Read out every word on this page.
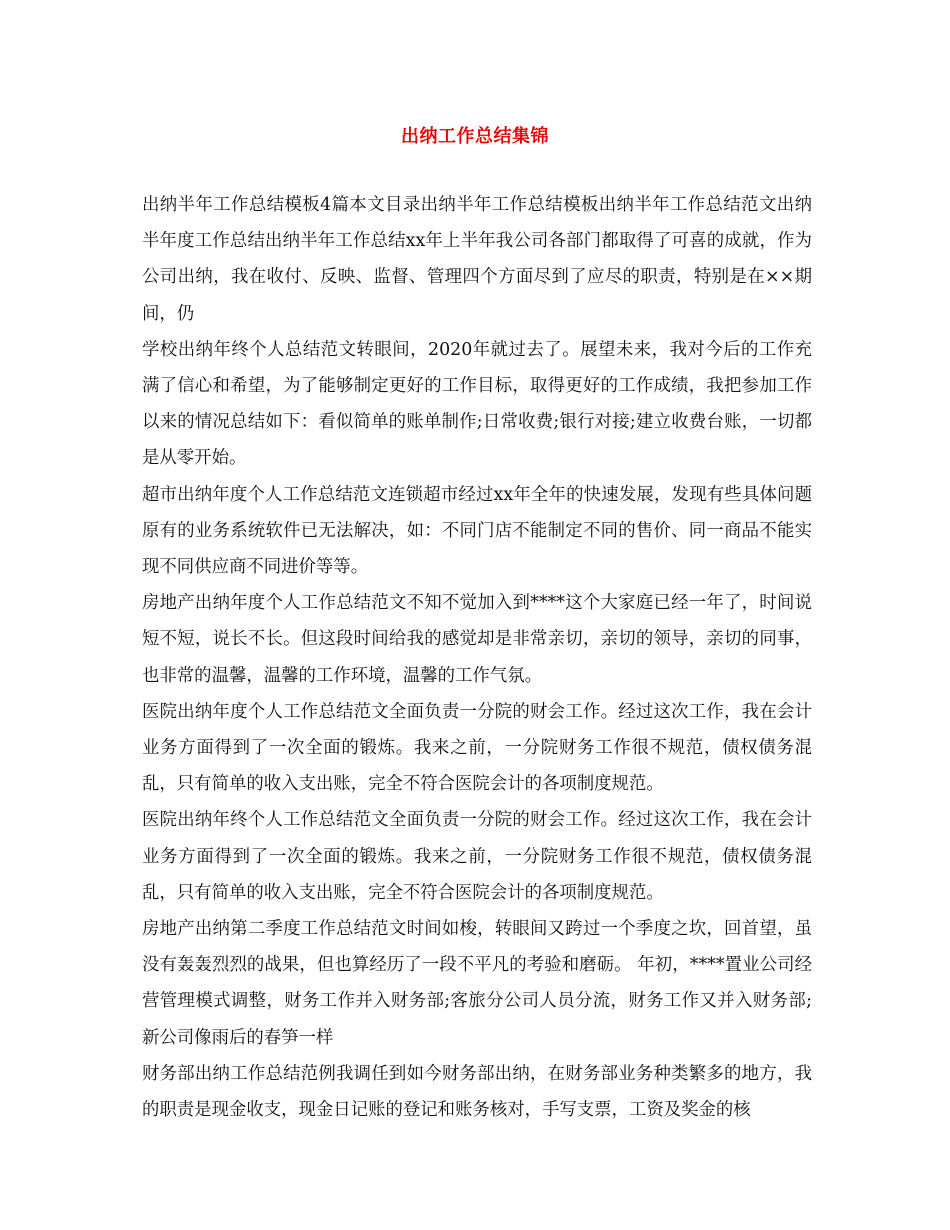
出纳工作总结集锦

出纳半年工作总结模板4篇本文目录出纳半年工作总结模板出纳半年工作总结范文出纳半年度工作总结出纳半年工作总结xx年上半年我公司各部门都取得了可喜的成就，作为公司出纳，我在收付、反映、监督、管理四个方面尽到了应尽的职责，特别是在××期间，仍

学校出纳年终个人总结范文转眼间，2020年就过去了。展望未来，我对今后的工作充满了信心和希望，为了能够制定更好的工作目标，取得更好的工作成绩，我把参加工作以来的情况总结如下：看似简单的账单制作;日常收费;银行对接;建立收费台账，一切都是从零开始。

超市出纳年度个人工作总结范文连锁超市经过xx年全年的快速发展，发现有些具体问题原有的业务系统软件已无法解决，如：不同门店不能制定不同的售价、同一商品不能实现不同供应商不同进价等等。

房地产出纳年度个人工作总结范文不知不觉加入到****这个大家庭已经一年了，时间说短不短，说长不长。但这段时间给我的感觉却是非常亲切，亲切的领导，亲切的同事，也非常的温馨，温馨的工作环境，温馨的工作气氛。

医院出纳年度个人工作总结范文全面负责一分院的财会工作。经过这次工作，我在会计业务方面得到了一次全面的锻炼。我来之前，一分院财务工作很不规范，债权债务混乱，只有简单的收入支出账，完全不符合医院会计的各项制度规范。

医院出纳年终个人工作总结范文全面负责一分院的财会工作。经过这次工作，我在会计业务方面得到了一次全面的锻炼。我来之前，一分院财务工作很不规范，债权债务混乱，只有简单的收入支出账，完全不符合医院会计的各项制度规范。

房地产出纳第二季度工作总结范文时间如梭，转眼间又跨过一个季度之坎，回首望，虽没有轰轰烈烈的战果，但也算经历了一段不平凡的考验和磨砺。 年初，****置业公司经营管理模式调整，财务工作并入财务部;客旅分公司人员分流，财务工作又并入财务部;新公司像雨后的春笋一样

财务部出纳工作总结范例我调任到如今财务部出纳，在财务部业务种类繁多的地方，我的职责是现金收支，现金日记账的登记和账务核对，手写支票，工资及奖金的核
